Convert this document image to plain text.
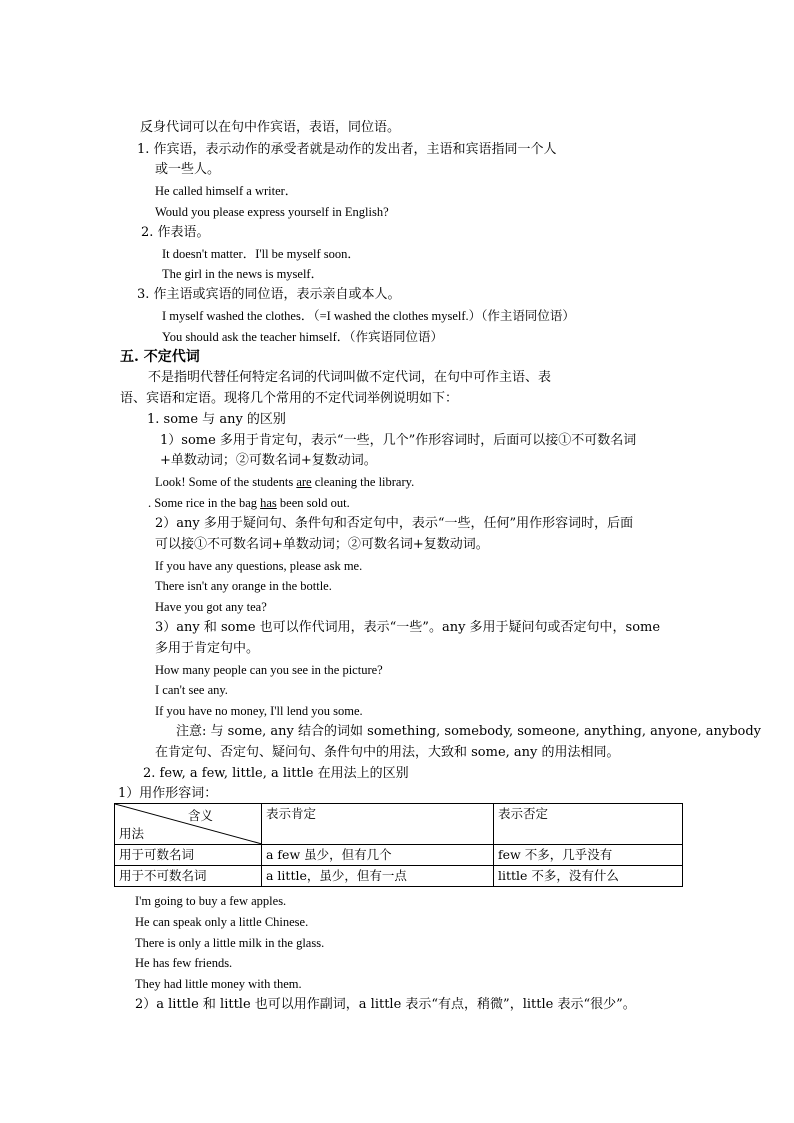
反身代词可以在句中作宾语，表语，同位语。
1. 作宾语，表示动作的承受者就是动作的发出者，主语和宾语指同一个人
或一些人。
He called himself a writer．
Would you please express yourself in English?
2. 作表语。
It doesn't matter．I'll be myself soon．
The girl in the news is myself．
3. 作主语或宾语的同位语，表示亲自或本人。
I myself washed the clothes．（=I washed the clothes myself.）（作主语同位语）
You should ask the teacher himself．（作宾语同位语）
五. 不定代词
不是指明代替任何特定名词的代词叫做不定代词，在句中可作主语、表
语、宾语和定语。现将几个常用的不定代词举例说明如下：
1. some 与 any 的区别
1）some 多用于肯定句，表示“一些，几个”作形容词时，后面可以接①不可数名词
+单数动词；②可数名词+复数动词。
Look! Some of the students are cleaning the library.
. Some rice in the bag has been sold out.
2）any 多用于疑问句、条件句和否定句中，表示“一些，任何”用作形容词时，后面
可以接①不可数名词+单数动词；②可数名词+复数动词。
If you have any questions, please ask me.
There isn't any orange in the bottle.
Have you got any tea?
3）any 和 some 也可以作代词用，表示“一些”。any 多用于疑问句或否定句中，some
多用于肯定句中。
How many people can you see in the picture?
I can't see any.
If you have no money, I'll lend you some.
注意: 与 some, any 结合的词如 something, somebody, someone, anything, anyone, anybody
在肯定句、否定句、疑问句、条件句中的用法，大致和 some, any 的用法相同。
2. few, a few, little, a little 在用法上的区别
1）用作形容词：
含义
用法	表示肯定	表示否定
用于可数名词	a few 虽少，但有几个	few 不多，几乎没有
用于不可数名词	a little，虽少，但有一点	little 不多，没有什么
I'm going to buy a few apples.
He can speak only a little Chinese.
There is only a little milk in the glass.
He has few friends.
They had little money with them.
2）a little 和 little 也可以用作副词，a little 表示“有点，稍微”，little 表示“很少”。
